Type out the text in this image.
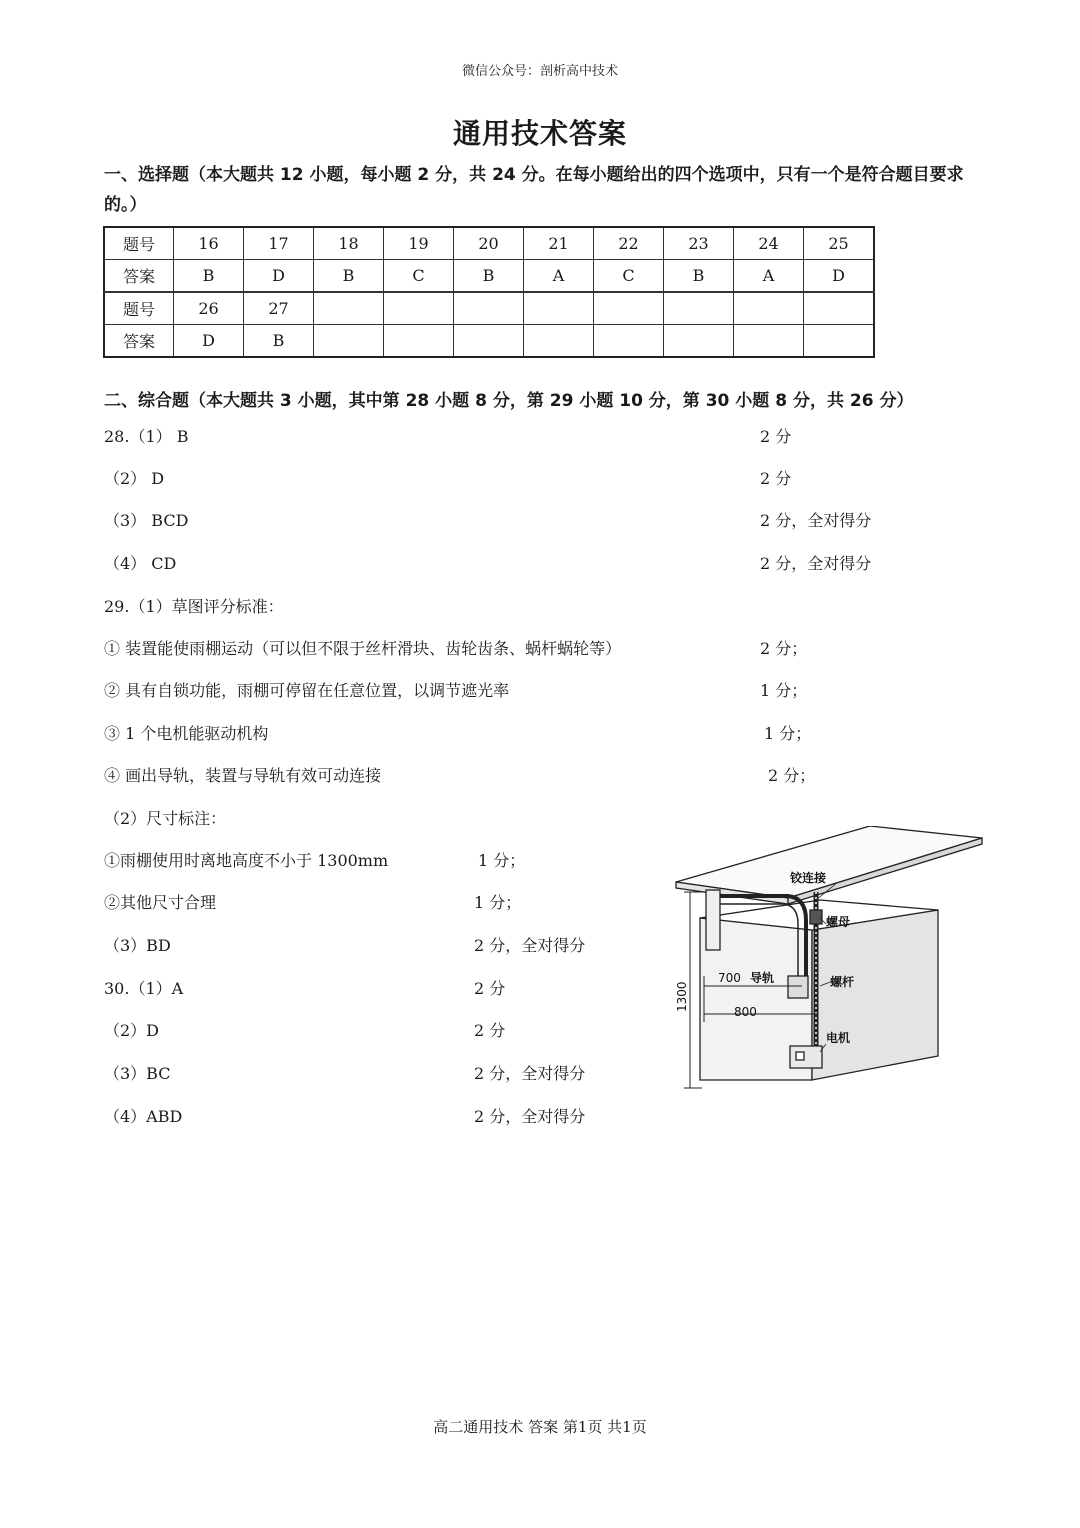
微信公众号：剖析高中技术
通用技术答案
一、选择题（本大题共 12 小题，每小题 2 分，共 24 分。在每小题给出的四个选项中，只有一个是符合题目要求的。）
题号	16	17	18	19	20	21	22	23	24	25
答案	B	D	B	C	B	A	C	B	A	D
题号	26	27								
答案	D	B								
二、综合题（本大题共 3 小题，其中第 28 小题 8 分，第 29 小题 10 分，第 30 小题 8 分，共 26 分）
28.（1） B	2 分
（2） D	2 分
（3） BCD	2 分，全对得分
（4） CD	2 分，全对得分
29.（1）草图评分标准：
① 装置能使雨棚运动（可以但不限于丝杆滑块、齿轮齿条、蜗杆蜗轮等）	2 分；
② 具有自锁功能，雨棚可停留在任意位置，以调节遮光率	1 分；
③ 1 个电机能驱动机构	1 分；
④ 画出导轨，装置与导轨有效可动连接	2 分；
（2）尺寸标注：
①雨棚使用时离地高度不小于 1300mm	1 分；
②其他尺寸合理	1 分；
（3）BD	2 分，全对得分
30.（1）A	2 分
（2）D	2 分
（3）BC	2 分，全对得分
（4）ABD	2 分，全对得分
铰连接
螺母
导轨	螺杆
电机
700
800
1300
高二通用技术 答案 第1页 共1页
